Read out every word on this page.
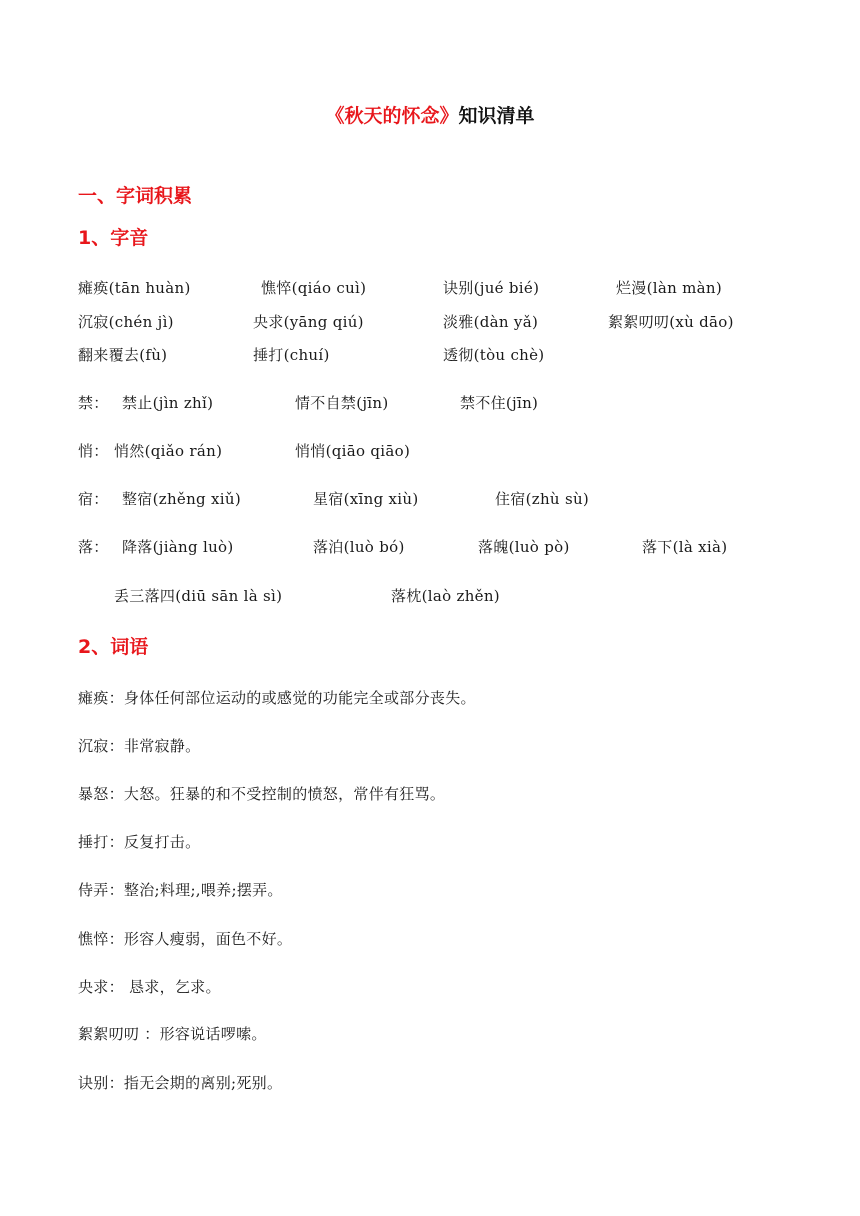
《秋天的怀念》知识清单
一、字词积累
1、字音
瘫痪(tān huàn)	憔悴(qiáo cuì)	诀别(jué bié)	烂漫(làn màn)
沉寂(chén jì)	央求(yāng qiú)	淡雅(dàn yǎ)	絮絮叨叨(xù dāo)
翻来覆去(fù)	捶打(chuí)	透彻(tòu chè)
禁： 禁止(jìn zhǐ)	情不自禁(jīn)	禁不住(jīn)
悄： 悄然(qiǎo rán)	悄悄(qiāo qiāo)
宿： 整宿(zhěng xiǔ)	星宿(xīng xiù)	住宿(zhù sù)
落： 降落(jiàng luò)	落泊(luò bó)	落魄(luò pò)	落下(là xià)
丢三落四(diū sān là sì)	落枕(laò zhěn)
2、词语
瘫痪：身体任何部位运动的或感觉的功能完全或部分丧失。
沉寂：非常寂静。
暴怒：大怒。狂暴的和不受控制的愤怒，常伴有狂骂。
捶打：反复打击。
侍弄：整治;料理;,喂养;摆弄。
憔悴：形容人瘦弱，面色不好。
央求： 恳求，乞求。
絮絮叨叨 ：形容说话啰嗦。
诀别：指无会期的离别;死别。
